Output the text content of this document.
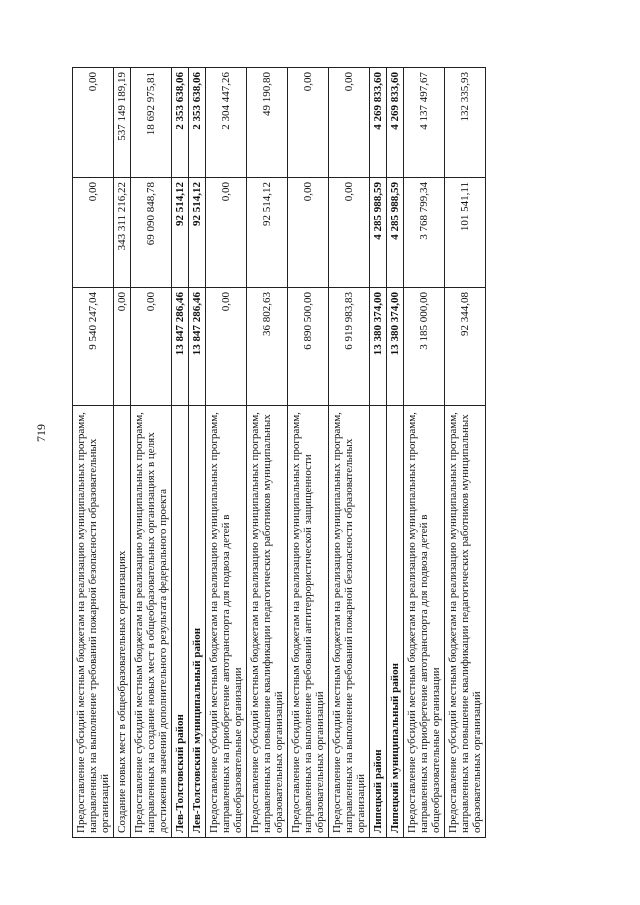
719 Предоставление субсидий местным бюджетам на реализацию муниципальных программ, направленных на выполнение требований пожарной безопасности образовательных организаций	9 540 247,04	0,00	0,00
Создание новых мест в общеобразовательных организациях	0,00	343 311 216,22	537 149 189,19
Предоставление субсидий местным бюджетам на реализацию муниципальных программ, направленных на создание новых мест в общеобразовательных организациях в целях достижения значений дополнительного результата федерального проекта	0,00	69 090 848,78	18 692 975,81
Лев-Толстовский район	13 847 286,46	92 514,12	2 353 638,06
Лев-Толстовский муниципальный район	13 847 286,46	92 514,12	2 353 638,06
Предоставление субсидий местным бюджетам на реализацию муниципальных программ, направленных на приобретение автотранспорта для подвоза детей в общеобразовательные организации	0,00	0,00	2 304 447,26
Предоставление субсидий местным бюджетам на реализацию муниципальных программ, направленных на повышение квалификации педагогических работников муниципальных образовательных организаций	36 802,63	92 514,12	49 190,80
Предоставление субсидий местным бюджетам на реализацию муниципальных программ, направленных на выполнение требований антитеррористической защищенности образовательных организаций	6 890 500,00	0,00	0,00
Предоставление субсидий местным бюджетам на реализацию муниципальных программ, направленных на выполнение требований пожарной безопасности образовательных организаций	6 919 983,83	0,00	0,00
Липецкий район	13 380 374,00	4 285 988,59	4 269 833,60
Липецкий муниципальный район	13 380 374,00	4 285 988,59	4 269 833,60
Предоставление субсидий местным бюджетам на реализацию муниципальных программ, направленных на приобретение автотранспорта для подвоза детей в общеобразовательные организации	3 185 000,00	3 768 799,34	4 137 497,67
Предоставление субсидий местным бюджетам на реализацию муниципальных программ, направленных на повышение квалификации педагогических работников муниципальных образовательных организаций	92 344,08	101 541,11	132 335,93
